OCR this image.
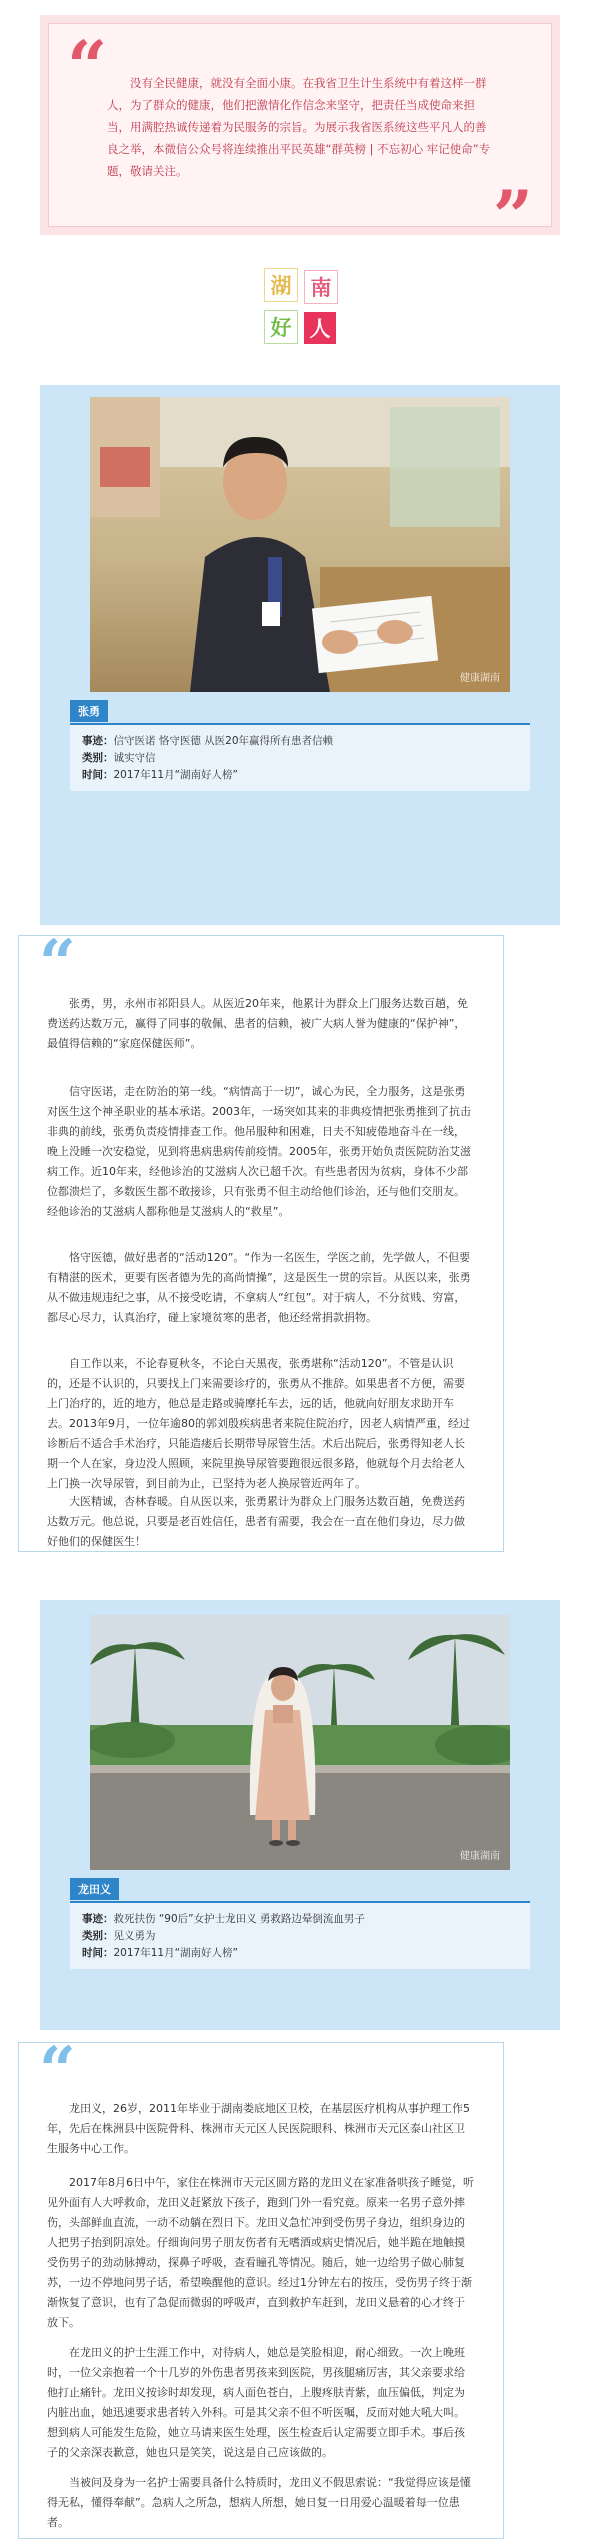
“	没有全民健康，就没有全面小康。在我省卫生计生系统中有着这样一群人，为了群众的健康，他们把激情化作信念来坚守，把责任当成使命来担当，用满腔热诚传递着为民服务的宗旨。为展示我省医系统这些平凡人的善良之举，本微信公众号将连续推出平民英雄“群英榜 | 不忘初心 牢记使命”专题，敬请关注。
”
湖 南
好 人
健康湖南
张勇
事迹：信守医诺 恪守医德 从医20年赢得所有患者信赖
类别：诚实守信
时间：2017年11月“湖南好人榜”
“

张勇，男，永州市祁阳县人。从医近20年来，他累计为群众上门服务达数百趟，免费送药达数万元，赢得了同事的敬佩、患者的信赖，被广大病人誉为健康的“保护神”，最值得信赖的“家庭保健医师”。

信守医诺，走在防治的第一线。“病情高于一切”，诚心为民，全力服务，这是张勇对医生这个神圣职业的基本承诺。2003年，一场突如其来的非典疫情把张勇推到了抗击非典的前线，张勇负责疫情排查工作。他吊服种和困难，日夫不知疲倦地奋斗在一线，晚上没睡一次安稳觉，见到将患病患病传前疫情。2005年，张勇开始负责医院防治艾滋病工作。近10年来，经他诊治的艾滋病人次已超千次。有些患者因为贫病，身体不少部位都溃烂了，多数医生都不敢接诊，只有张勇不但主动给他们诊治，还与他们交朋友。经他诊治的艾滋病人都称他是艾滋病人的“救星”。

恪守医德，做好患者的“活动120”。“作为一名医生，学医之前，先学做人，不但要有精湛的医术，更要有医者德为先的高尚情操”，这是医生一贯的宗旨。从医以来，张勇从不做违规违纪之事，从不接受吃请，不拿病人“红包”。对于病人，不分贫贱、穷富，都尽心尽力，认真治疗，碰上家境贫寒的患者，他还经常捐款捐物。

自工作以来，不论春夏秋冬，不论白天黑夜，张勇堪称“活动120”。不管是认识的，还是不认识的，只要找上门来需要诊疗的，张勇从不推辞。如果患者不方便，需要上门治疗的，近的地方，他总是走路或骑摩托车去，远的话，他就向好朋友求助开车去。2013年9月，一位年逾80的郭刘殷疾病患者来院住院治疗，因老人病情严重，经过诊断后不适合手术治疗，只能造瘘后长期带导尿管生活。术后出院后，张勇得知老人长期一个人在家，身边没人照顾，来院里换导尿管要跑很远很多路，他就每个月去给老人上门换一次导尿管，到目前为止，已坚持为老人换尿管近两年了。

大医精诚，杏林春暖。自从医以来，张勇累计为群众上门服务达数百趟，免费送药达数万元。他总说，只要是老百姓信任，患者有需要，我会在一直在他们身边，尽力做好他们的保健医生！

健康湖南
龙田义
事迹：救死扶伤 “90后”女护士龙田义 勇救路边晕倒流血男子
类别：见义勇为
时间：2017年11月“湖南好人榜”
“

龙田义，26岁，2011年毕业于湖南娄底地区卫校，在基层医疗机构从事护理工作5年，先后在株洲县中医院骨科、株洲市天元区人民医院眼科、株洲市天元区泰山社区卫生服务中心工作。

2017年8月6日中午，家住在株洲市天元区圆方路的龙田义在家准备哄孩子睡觉，听见外面有人大呼救命，龙田义赶紧放下孩子，跑到门外一看究竟。原来一名男子意外摔伤，头部鲜血直流，一动不动躺在烈日下。龙田义急忙冲到受伤男子身边，组织身边的人把男子抬到阴凉处。仔细询问男子朋友伤者有无嗜酒或病史情况后，她半跪在地触摸受伤男子的劲动脉搏动，探鼻子呼吸，查看瞳孔等情况。随后，她一边给男子做心肺复苏，一边不停地问男子话，希望唤醒他的意识。经过1分钟左右的按压，受伤男子终于渐渐恢复了意识，也有了急促而微弱的呼吸声，直到救护车赶到，龙田义悬着的心才终于放下。

在龙田义的护士生涯工作中，对待病人，她总是笑脸相迎，耐心细致。一次上晚班时，一位父亲抱着一个十几岁的外伤患者男孩来到医院，男孩腿痛厉害，其父亲要求给他打止痛针。龙田义按诊时却发现，病人面色苍白，上腹疼肤青紫，血压偏低，判定为内脏出血，她迅速要求患者转入外科。可是其父亲不但不听医嘱，反而对她大吼大叫。想到病人可能发生危险，她立马请来医生处理，医生检查后认定需要立即手术。事后孩子的父亲深表歉意，她也只是笑笑，说这是自己应该做的。

当被问及身为一名护士需要具备什么特质时，龙田义不假思索说：“我觉得应该是懂得无私，懂得奉献”。急病人之所急，想病人所想，她日复一日用爱心温暖着每一位患者。
